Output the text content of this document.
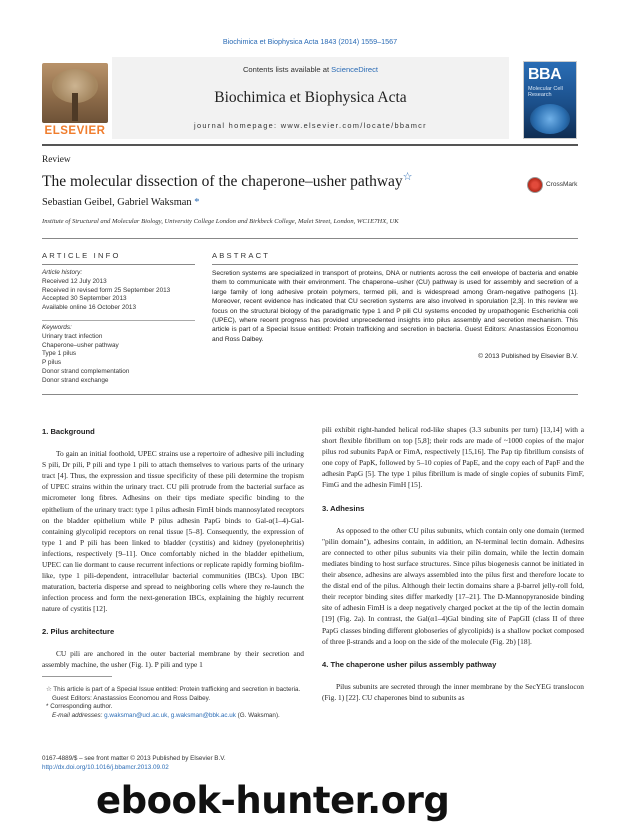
Biochimica et Biophysica Acta 1843 (2014) 1559–1567
ELSEVIER
Contents lists available at ScienceDirect
Biochimica et Biophysica Acta
journal homepage: www.elsevier.com/locate/bbamcr
BBA
Molecular Cell Research
Review
The molecular dissection of the chaperone–usher pathway☆
CrossMark
Sebastian Geibel, Gabriel Waksman *
Institute of Structural and Molecular Biology, University College London and Birkbeck College, Malet Street, London, WC1E7HX, UK
ARTICLE INFO	ABSTRACT
Article history:
Received 12 July 2013
Received in revised form 25 September 2013
Accepted 30 September 2013
Available online 16 October 2013
Keywords:
Urinary tract infection
Chaperone–usher pathway
Type 1 pilus
P pilus
Donor strand complementation
Donor strand exchange
Secretion systems are specialized in transport of proteins, DNA or nutrients across the cell envelope of bacteria and enable them to communicate with their environment. The chaperone–usher (CU) pathway is used for assembly and secretion of a large family of long adhesive protein polymers, termed pili, and is widespread among Gram-negative pathogens [1]. Moreover, recent evidence has indicated that CU secretion systems are also involved in sporulation [2,3]. In this review we focus on the structural biology of the paradigmatic type 1 and P pili CU systems encoded by uropathogenic Escherichia coli (UPEC), where recent progress has provided unprecedented insights into pilus assembly and secretion mechanism. This article is part of a Special Issue entitled: Protein trafficking and secretion in bacteria. Guest Editors: Anastassios Economou and Ross Dalbey.
© 2013 Published by Elsevier B.V.
1. Background

To gain an initial foothold, UPEC strains use a repertoire of adhesive pili including S pili, Dr pili, P pili and type 1 pili to attach themselves to various parts of the urinary tract [4]. Thus, the expression and tissue specificity of these pili determine the tropism of UPEC strains within the urinary tract. CU pili protrude from the bacterial surface as micrometer long fibres. Adhesins on their tips mediate specific binding to the epithelium of the urinary tract: type 1 pilus adhesin FimH binds mannosylated receptors on the bladder epithelium while P pilus adhesin PapG binds to Gal-α(1–4)-Gal-containing glycolipid receptors on renal tissue [5–8]. Consequently, the expression of type 1 and P pili has been linked to bladder (cystitis) and kidney (pyelonephritis) infections, respectively [9–11]. Once comfortably niched in the bladder epithelium, UPEC can lie dormant to cause recurrent infections or replicate rapidly forming biofilm-like, type 1 pili-dependent, intracellular bacterial communities (IBCs). Upon IBC maturation, bacteria disperse and spread to neighboring cells where they re-launch the infection process and form the next-generation IBCs, explaining the highly recurrent nature of cystitis [12].

2. Pilus architecture

CU pili are anchored in the outer bacterial membrane by their secretion and assembly machine, the usher (Fig. 1). P pili and type 1

pili exhibit right-handed helical rod-like shapes (3.3 subunits per turn) [13,14] with a short flexible fibrillum on top [5,8]; their rods are made of ~1000 copies of the major pilus rod subunits PapA or FimA, respectively [15,16]. The Pap tip fibrillum consists of one copy of PapK, followed by 5–10 copies of PapE, and the copy each of PapF and the adhesin PapG [5]. The type 1 pilus fibrillum is made of single copies of subunits FimF, FimG and the adhesin FimH [15].

3. Adhesins

As opposed to the other CU pilus subunits, which contain only one domain (termed "pilin domain"), adhesins contain, in addition, an N-terminal lectin domain. Adhesins are connected to other pilus subunits via their pilin domain, while the lectin domain mediates binding to host surface structures. Since pilus biogenesis cannot be initiated in their absence, adhesins are always assembled into the pilus first and therefore locate to the distal end of the pilus. Although their lectin domains share a β-barrel jelly-roll fold, their receptor binding sites differ markedly [17–21]. The D-Mannopyranoside binding site of adhesin FimH is a deep negatively charged pocket at the tip of the lectin domain [19] (Fig. 2a). In contrast, the Gal(α1–4)Gal binding site of PapGII (class II of three PapG classes binding different globoseries of glycolipids) is a shallow pocket composed of three β-strands and a loop on the side of the molecule (Fig. 2b) [18].

4. The chaperone usher pilus assembly pathway

Pilus subunits are secreted through the inner membrane by the SecYEG translocon (Fig. 1) [22]. CU chaperones bind to subunits as

☆ This article is part of a Special Issue entitled: Protein trafficking and secretion in bacteria. Guest Editors: Anastassios Economou and Ross Dalbey.
* Corresponding author.
E-mail addresses: g.waksman@ucl.ac.uk, g.waksman@bbk.ac.uk (G. Waksman).
0167-4889/$ – see front matter © 2013 Published by Elsevier B.V.
http://dx.doi.org/10.1016/j.bbamcr.2013.09.02
ebook-hunter.org
